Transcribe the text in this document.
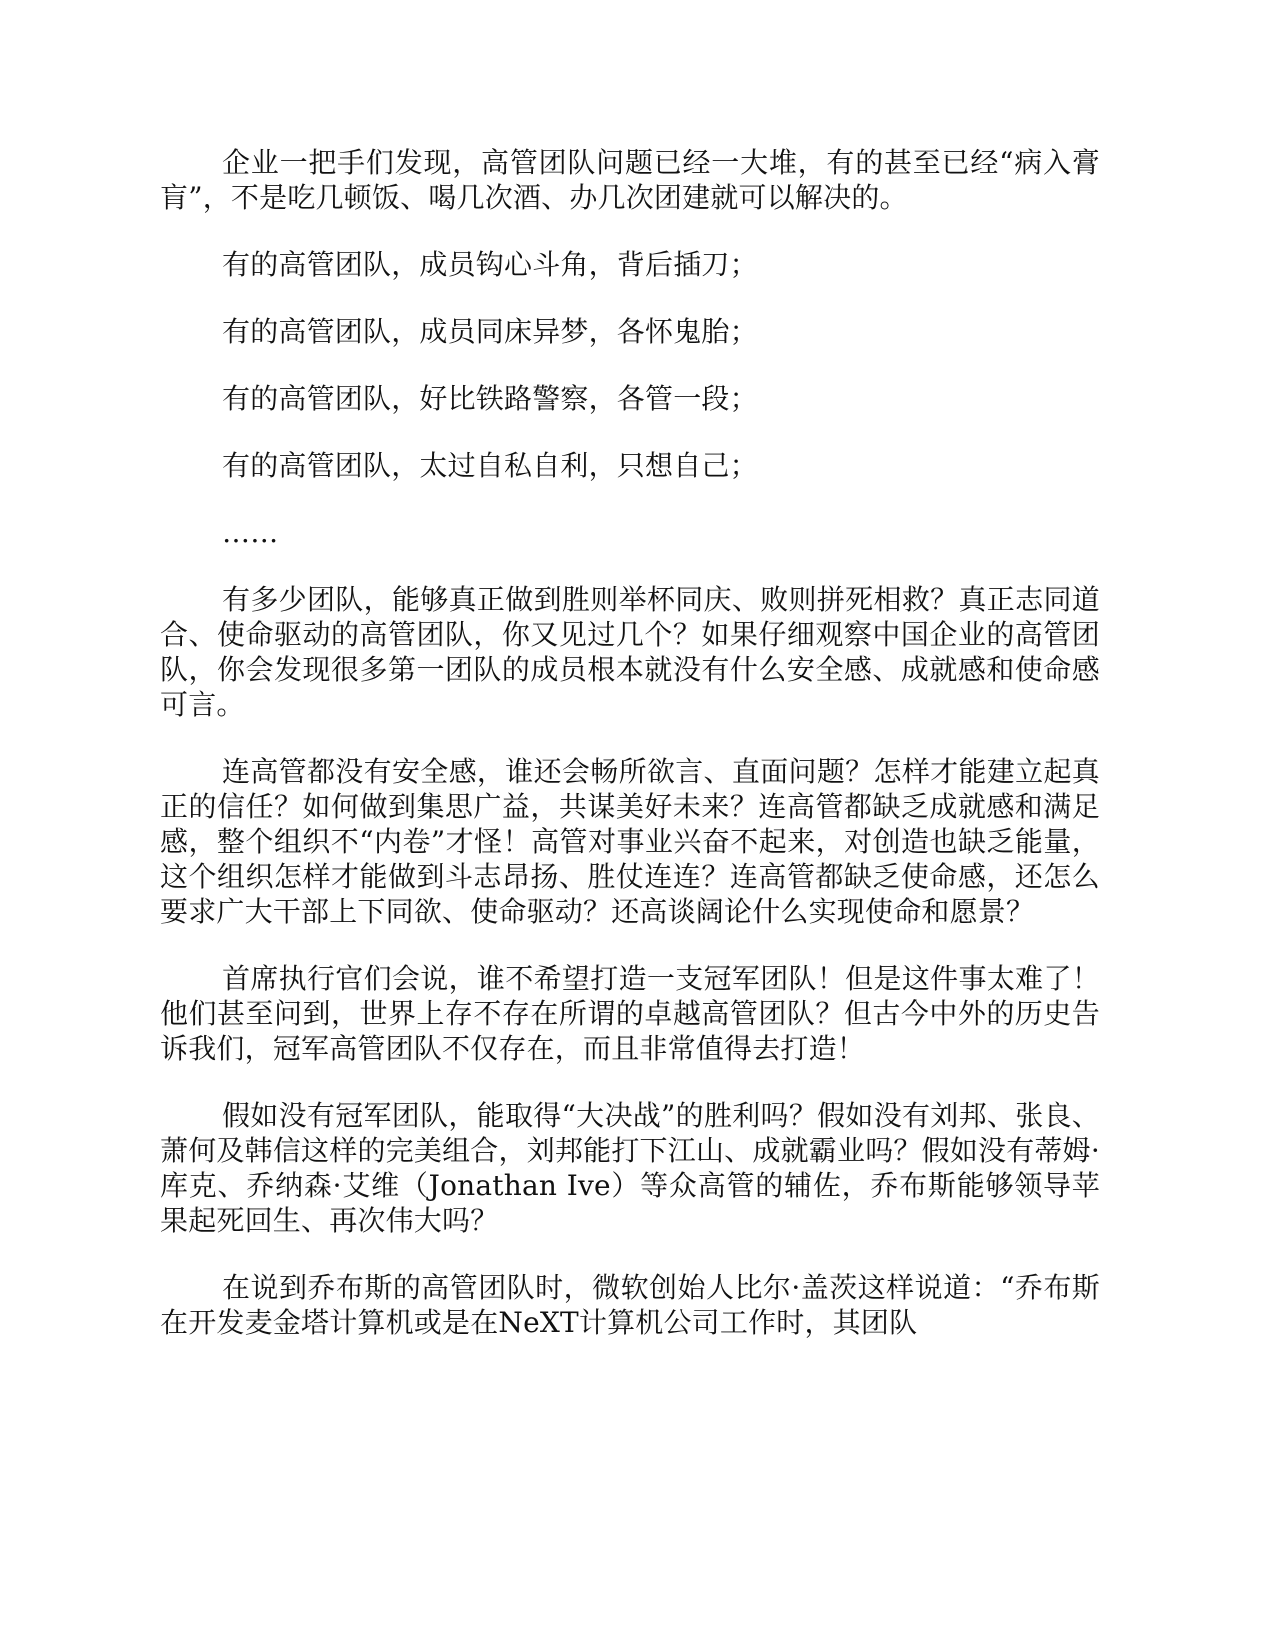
企业一把手们发现，高管团队问题已经一大堆，有的甚至已经“病入膏肓”，不是吃几顿饭、喝几次酒、办几次团建就可以解决的。

有的高管团队，成员钩心斗角，背后插刀；

有的高管团队，成员同床异梦，各怀鬼胎；

有的高管团队，好比铁路警察，各管一段；

有的高管团队，太过自私自利，只想自己；

……

有多少团队，能够真正做到胜则举杯同庆、败则拼死相救？真正志同道合、使命驱动的高管团队，你又见过几个？如果仔细观察中国企业的高管团队，你会发现很多第一团队的成员根本就没有什么安全感、成就感和使命感可言。

连高管都没有安全感，谁还会畅所欲言、直面问题？怎样才能建立起真正的信任？如何做到集思广益，共谋美好未来？连高管都缺乏成就感和满足感，整个组织不“内卷”才怪！高管对事业兴奋不起来，对创造也缺乏能量，这个组织怎样才能做到斗志昂扬、胜仗连连？连高管都缺乏使命感，还怎么要求广大干部上下同欲、使命驱动？还高谈阔论什么实现使命和愿景？

首席执行官们会说，谁不希望打造一支冠军团队！但是这件事太难了！他们甚至问到，世界上存不存在所谓的卓越高管团队？但古今中外的历史告诉我们，冠军高管团队不仅存在，而且非常值得去打造！

假如没有冠军团队，能取得“大决战”的胜利吗？假如没有刘邦、张良、萧何及韩信这样的完美组合，刘邦能打下江山、成就霸业吗？假如没有蒂姆·库克、乔纳森·艾维（Jonathan Ive）等众高管的辅佐，乔布斯能够领导苹果起死回生、再次伟大吗？

在说到乔布斯的高管团队时，微软创始人比尔·盖茨这样说道：“乔布斯在开发麦金塔计算机或是在NeXT计算机公司工作时，其团队
